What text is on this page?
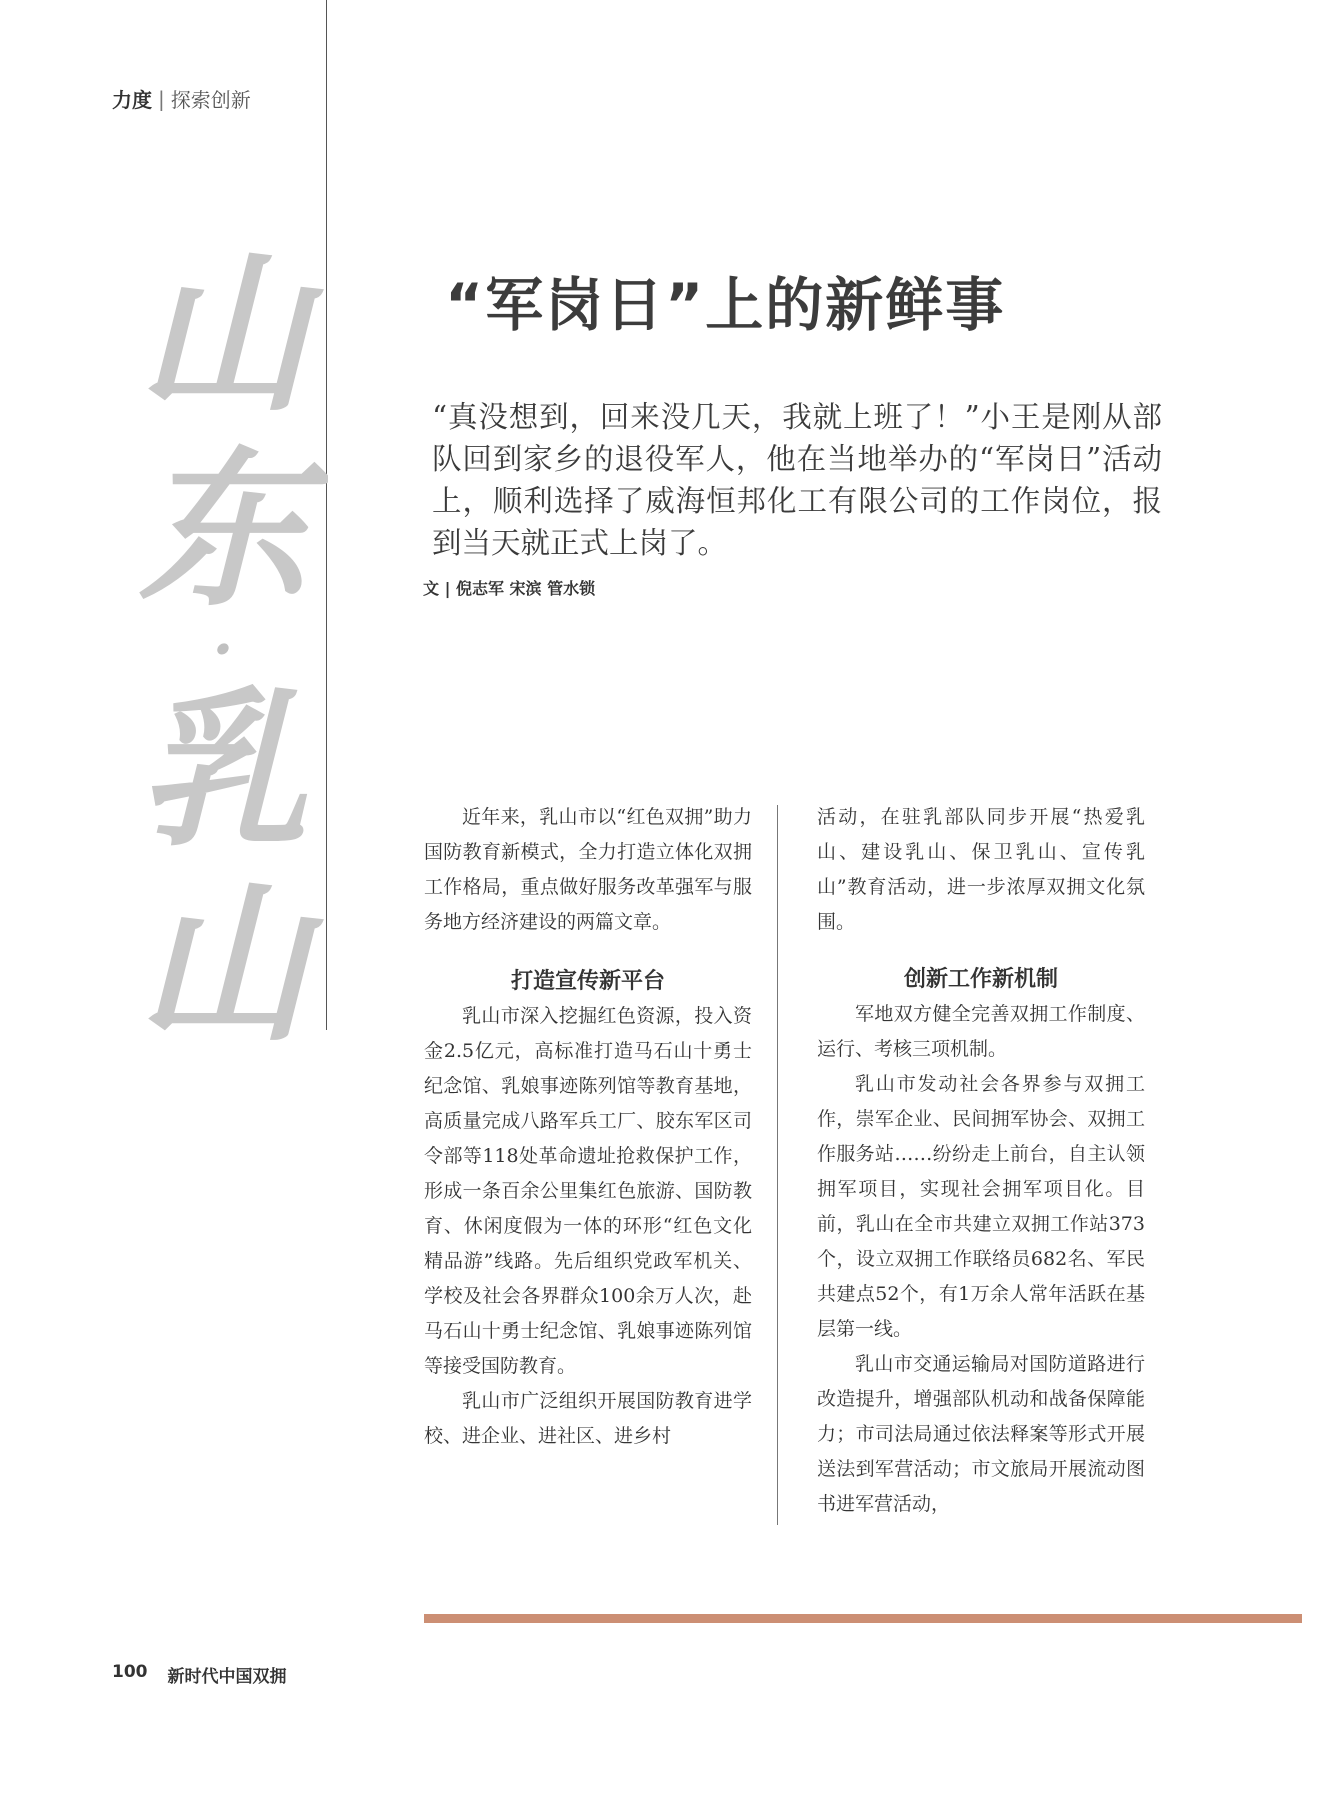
力度 | 探索创新
山
东
·
乳
山
“军岗日”上的新鲜事

“真没想到，回来没几天，我就上班了！”小王是刚从部队回到家乡的退役军人，他在当地举办的“军岗日”活动上，顺利选择了威海恒邦化工有限公司的工作岗位，报到当天就正式上岗了。

文 | 倪志军 宋滨 管水锁

近年来，乳山市以“红色双拥”助力国防教育新模式，全力打造立体化双拥工作格局，重点做好服务改革强军与服务地方经济建设的两篇文章。

打造宣传新平台

乳山市深入挖掘红色资源，投入资金2.5亿元，高标准打造马石山十勇士纪念馆、乳娘事迹陈列馆等教育基地，高质量完成八路军兵工厂、胶东军区司令部等118处革命遗址抢救保护工作，形成一条百余公里集红色旅游、国防教育、休闲度假为一体的环形“红色文化精品游”线路。先后组织党政军机关、学校及社会各界群众100余万人次，赴马石山十勇士纪念馆、乳娘事迹陈列馆等接受国防教育。

乳山市广泛组织开展国防教育进学校、进企业、进社区、进乡村

活动，在驻乳部队同步开展“热爱乳山、建设乳山、保卫乳山、宣传乳山”教育活动，进一步浓厚双拥文化氛围。

创新工作新机制

军地双方健全完善双拥工作制度、运行、考核三项机制。

乳山市发动社会各界参与双拥工作，崇军企业、民间拥军协会、双拥工作服务站……纷纷走上前台，自主认领拥军项目，实现社会拥军项目化。目前，乳山在全市共建立双拥工作站373个，设立双拥工作联络员682名、军民共建点52个，有1万余人常年活跃在基层第一线。

乳山市交通运输局对国防道路进行改造提升，增强部队机动和战备保障能力；市司法局通过依法释案等形式开展送法到军营活动；市文旅局开展流动图书进军营活动，

100 新时代中国双拥
